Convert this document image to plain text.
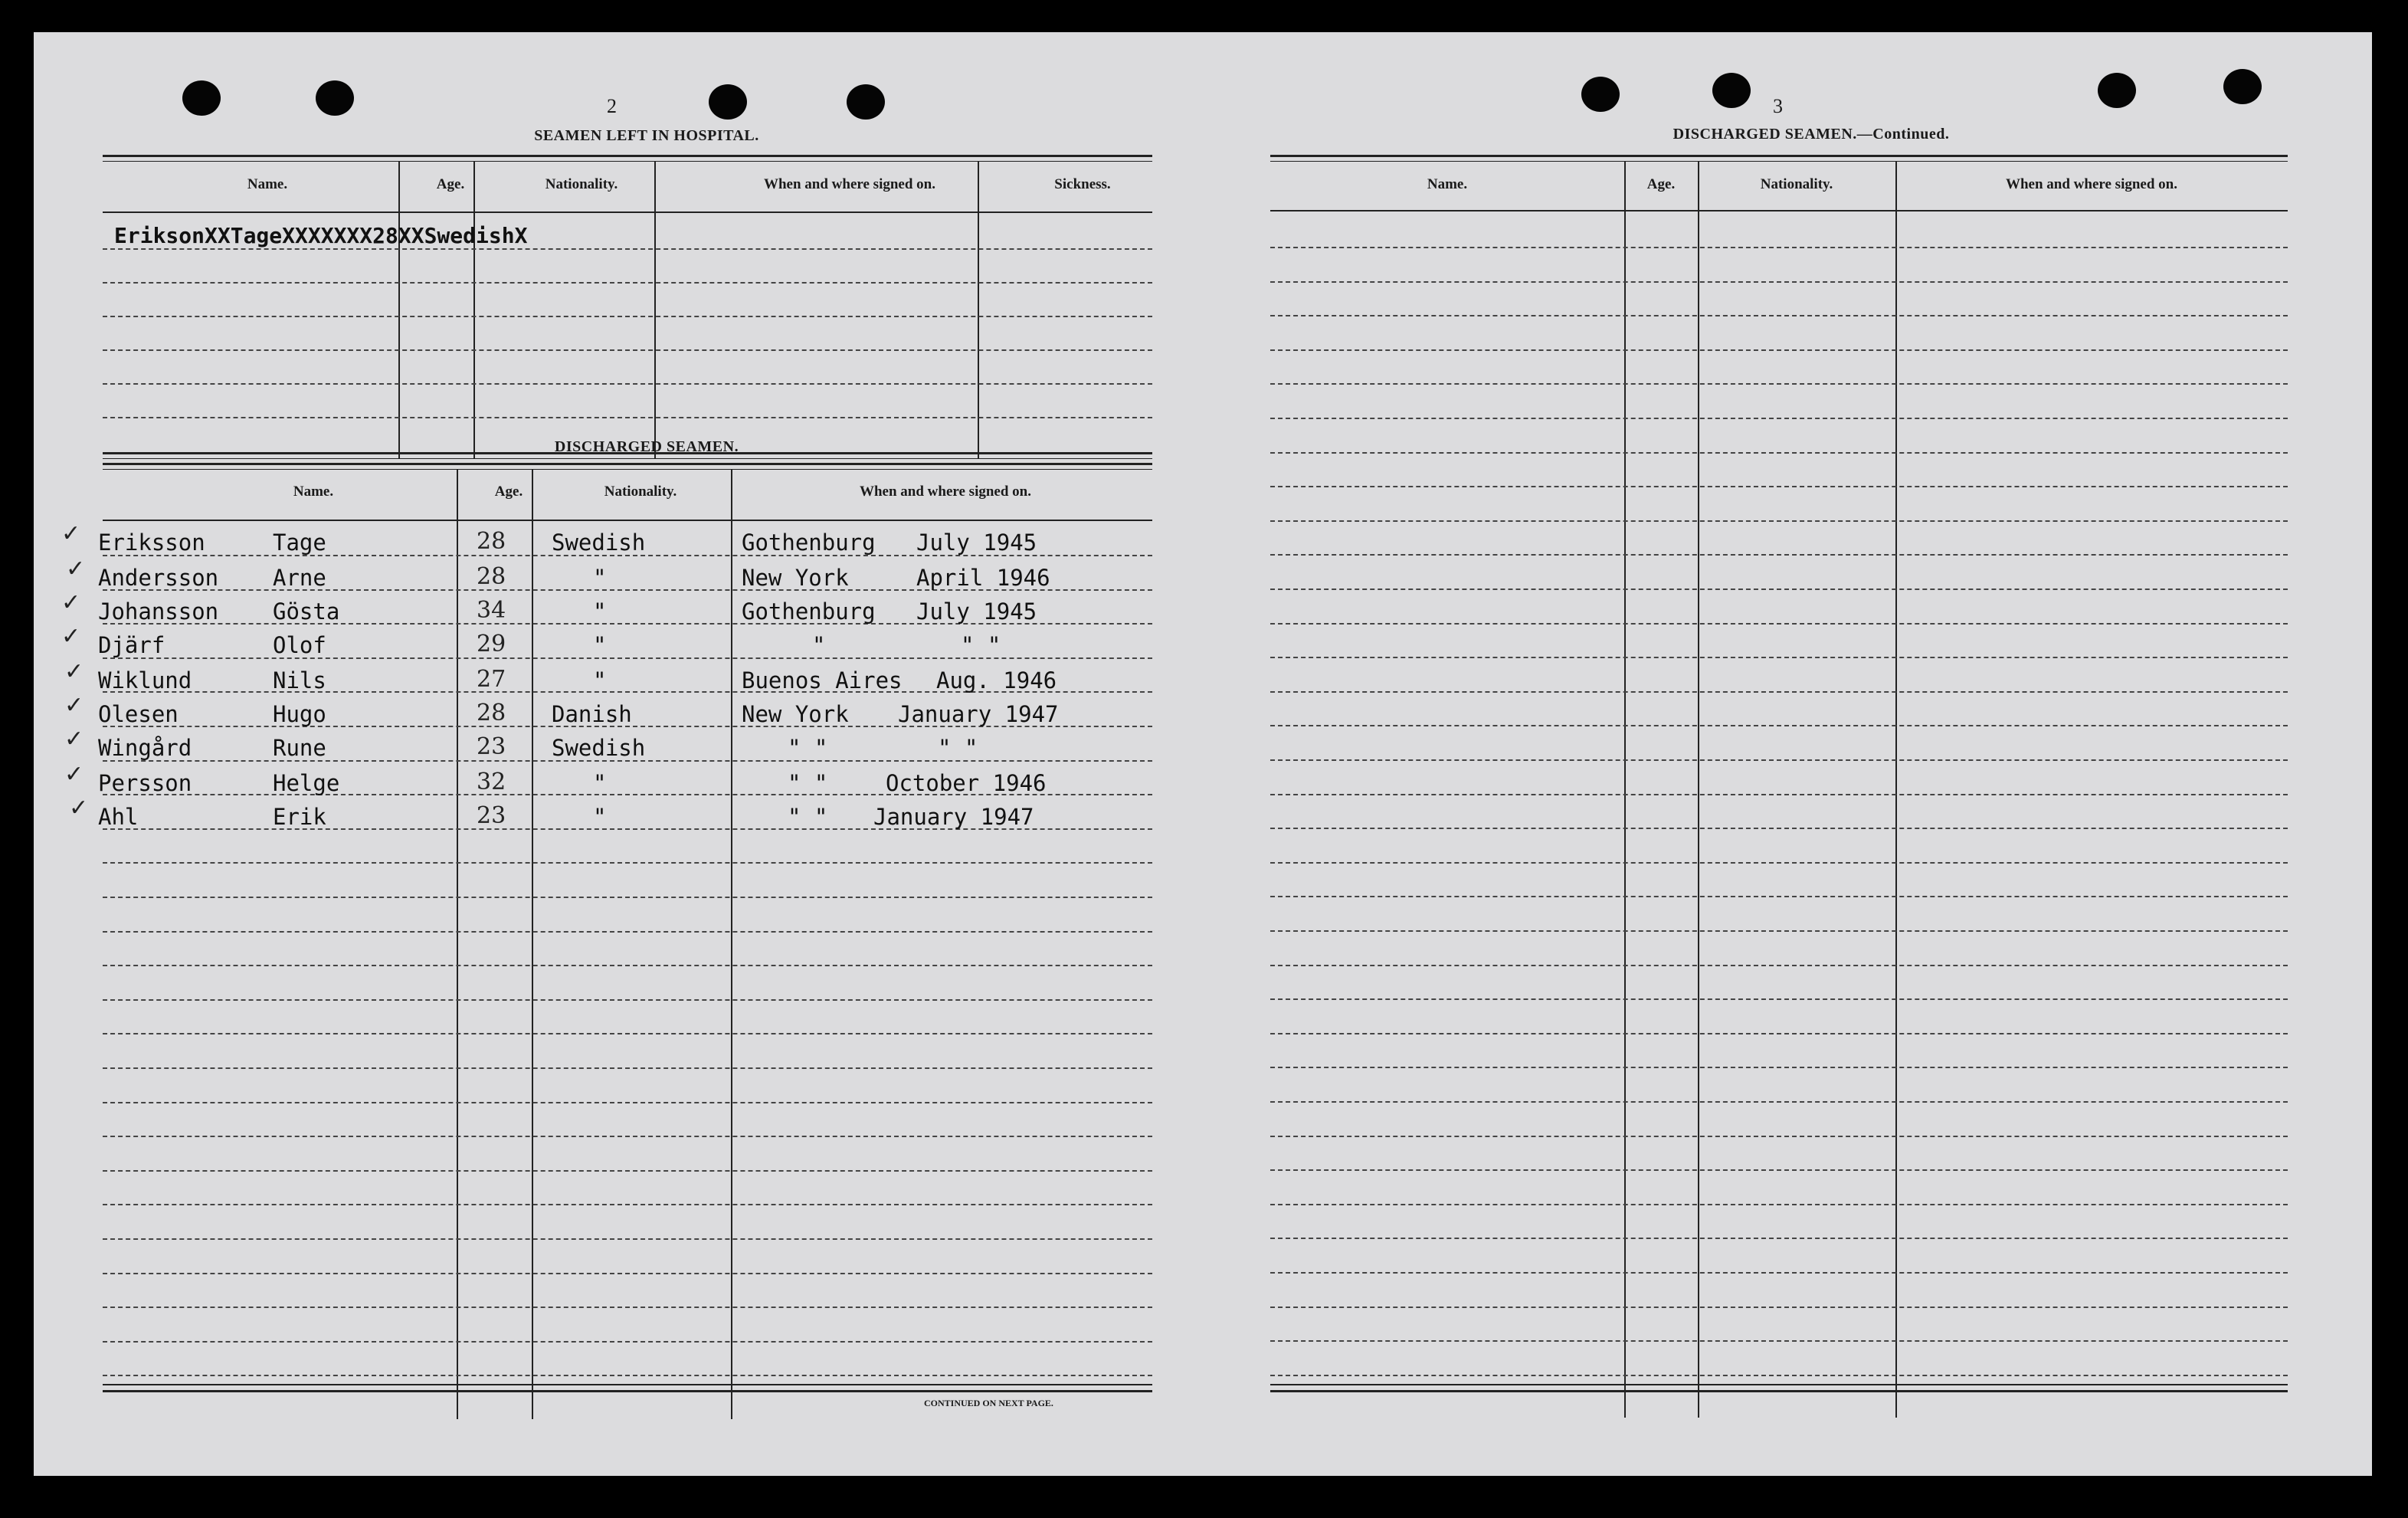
2
SEAMEN LEFT IN HOSPITAL.
Name.	Age.	Nationality.	When and where signed on.	Sickness.
EriksonXXTageXXXXXXX28XXSwedishX
DISCHARGED SEAMEN.
Name.	Age.	Nationality.	When and where signed on.
CONTINUED ON NEXT PAGE.
✓ Eriksson	Tage	28 Swedish	Gothenburg July 1945
✓ Andersson Arne	28	"	New York	April 1946
✓ Johansson Gösta	34	"	Gothenburg July 1945
✓ Djärf	Olof	29	"	"	" "
✓ Wiklund	Nils	27	"	Buenos Aires Aug. 1946
✓ Olesen	Hugo	28 Danish	New York January 1947
✓ Wingård	Rune	23 Swedish	" "	" "
✓ Persson	Helge	32	"	" "	October 1946
✓ Ahl	Erik	23	"	" " January 1947
3
DISCHARGED SEAMEN.—Continued.
Name.	Age.	Nationality.	When and where signed on.
